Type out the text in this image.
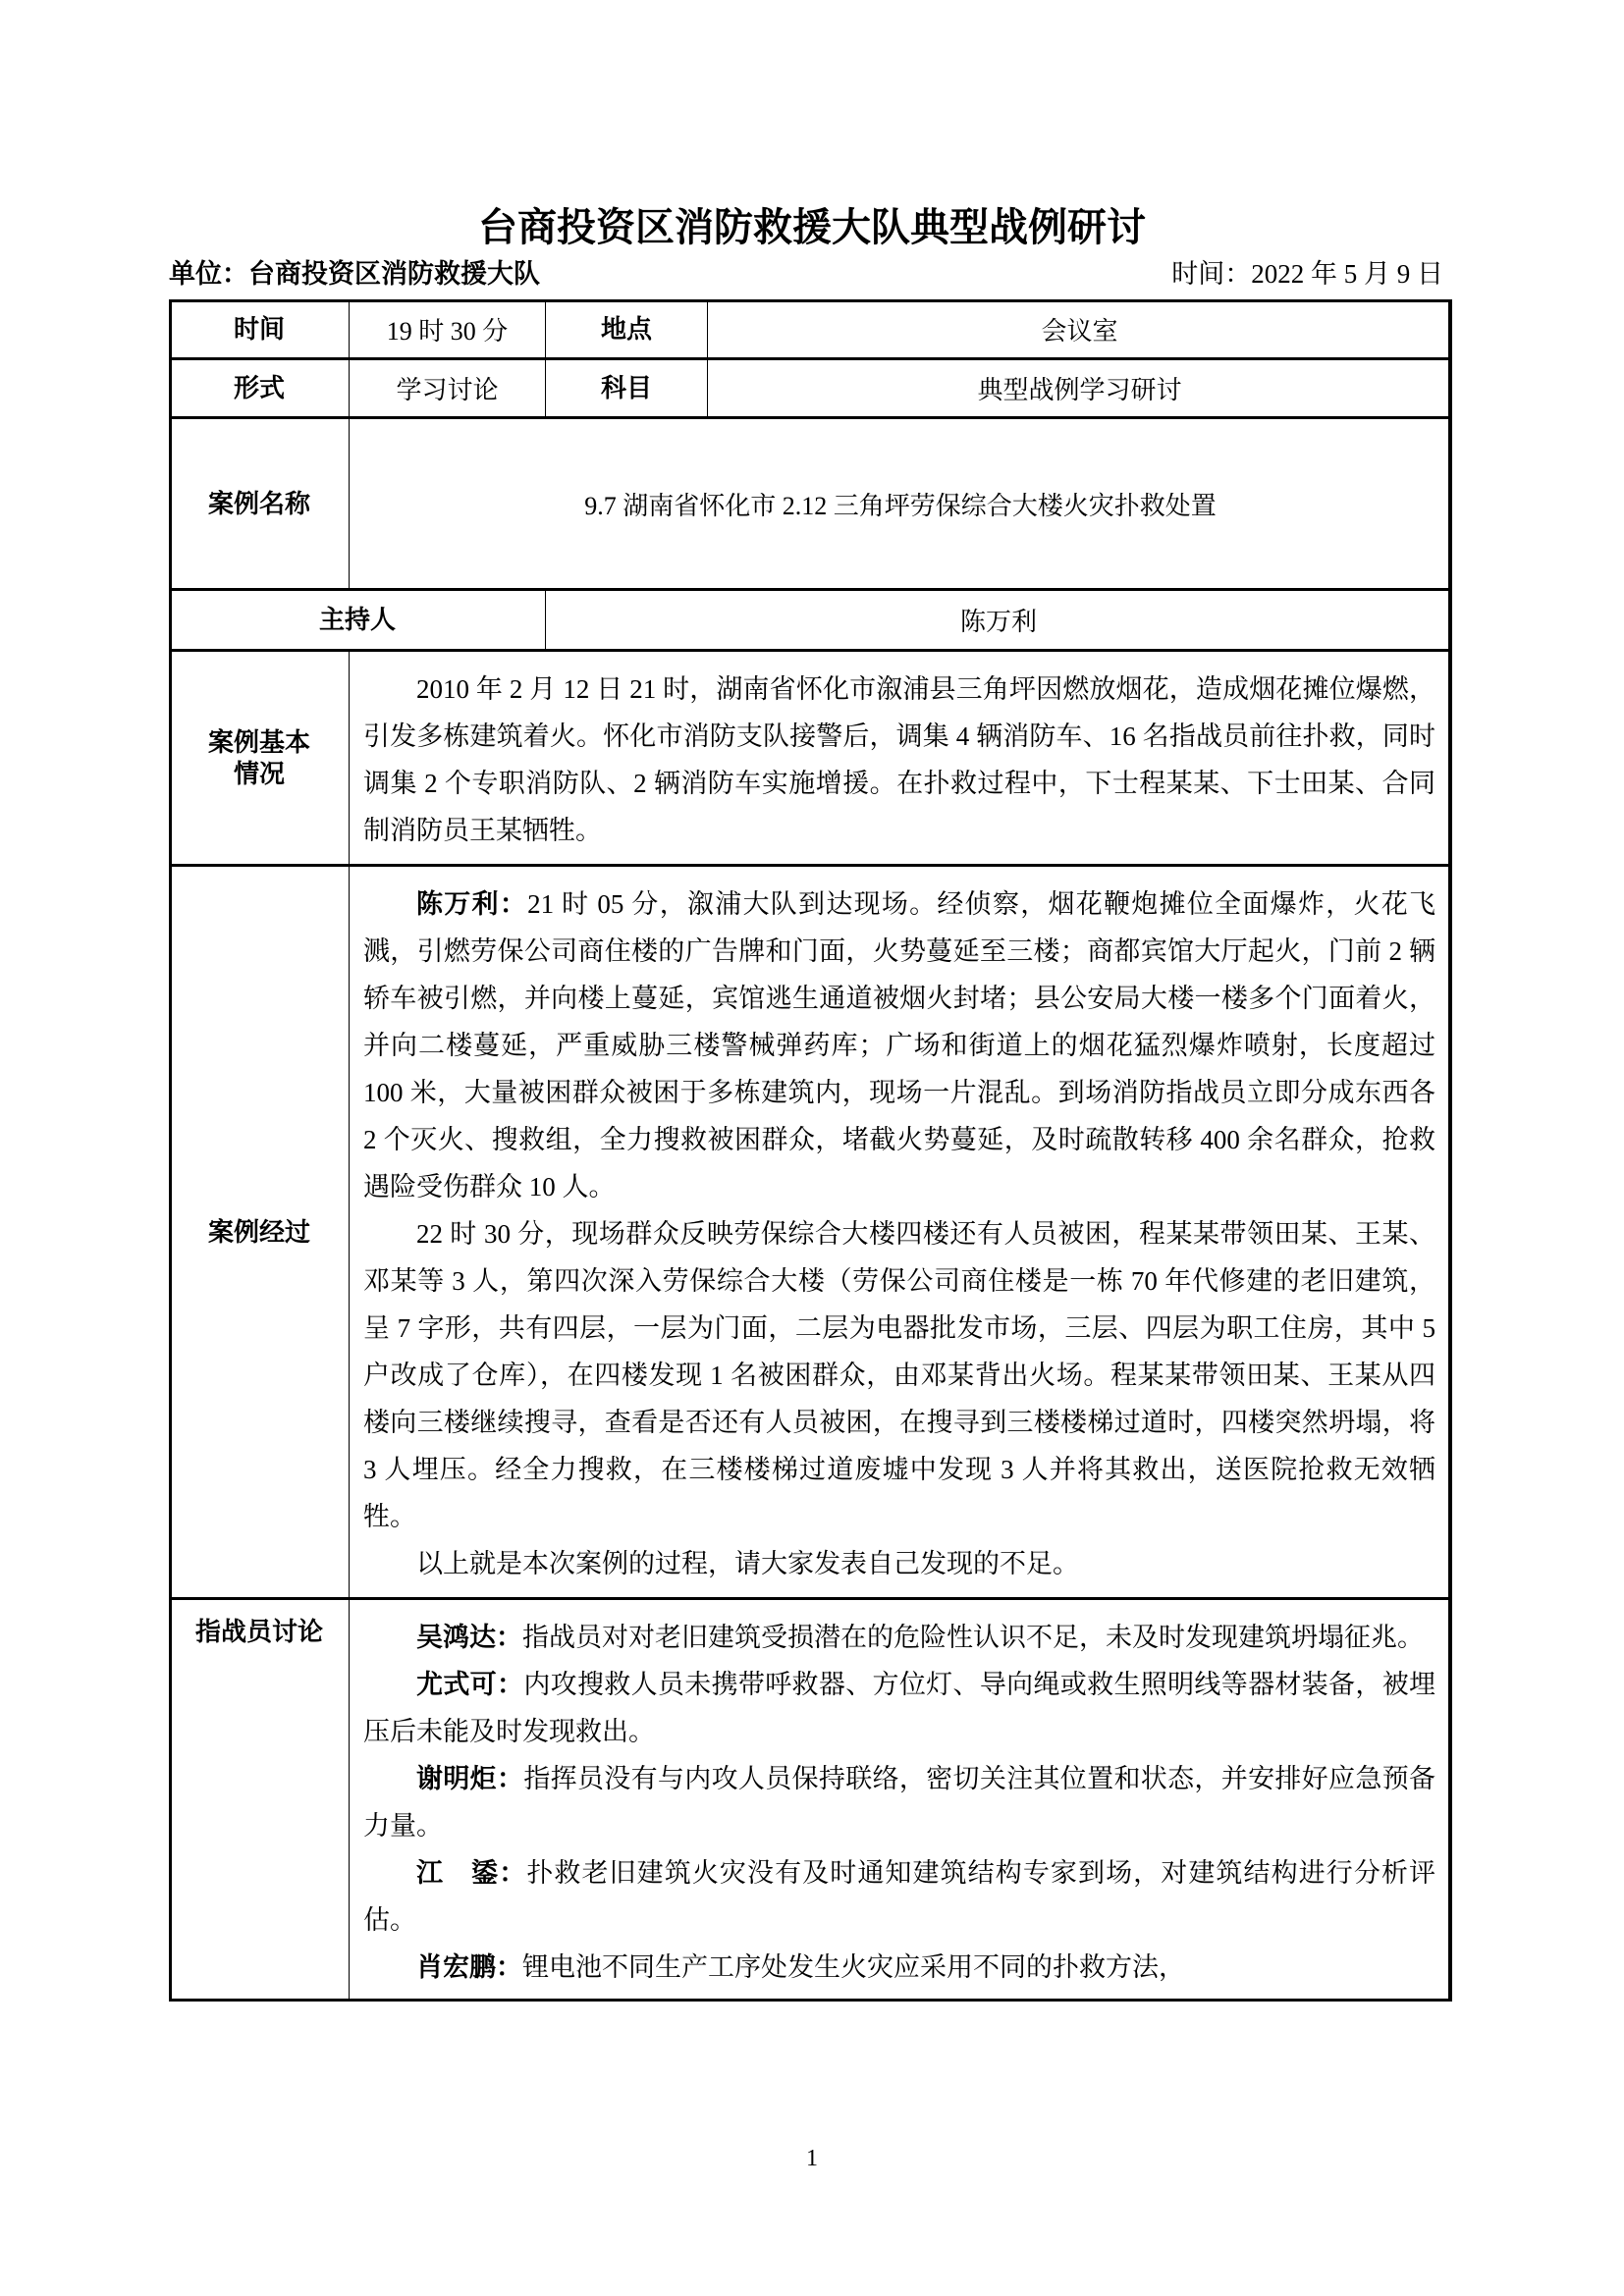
台商投资区消防救援大队典型战例研讨
单位：台商投资区消防救援大队	时间：2022 年 5 月 9 日
时间	19 时 30 分	地点	会议室
形式	学习讨论	科目	典型战例学习研讨
案例名称	9.7 湖南省怀化市 2.12 三角坪劳保综合大楼火灾扑救处置		
主持人		陈万利	

案例基本
情况	2010 年 2 月 12 日 21 时，湖南省怀化市溆浦县三角坪因燃放烟花，造成烟花摊位爆燃，引发多栋建筑着火。怀化市消防支队接警后，调集 4 辆消防车、16 名指战员前往扑救，同时调集 2 个专职消防队、2 辆消防车实施增援。在扑救过程中，下士程某某、下士田某、合同制消防员王某牺牲。		

案例经过	陈万利：21 时 05 分，溆浦大队到达现场。经侦察，烟花鞭炮摊位全面爆炸，火花飞溅，引燃劳保公司商住楼的广告牌和门面，火势蔓延至三楼；商都宾馆大厅起火，门前 2 辆轿车被引燃，并向楼上蔓延，宾馆逃生通道被烟火封堵；县公安局大楼一楼多个门面着火，并向二楼蔓延，严重威胁三楼警械弹药库；广场和街道上的烟花猛烈爆炸喷射，长度超过 100 米，大量被困群众被困于多栋建筑内，现场一片混乱。到场消防指战员立即分成东西各 2 个灭火、搜救组，全力搜救被困群众，堵截火势蔓延，及时疏散转移 400 余名群众，抢救遇险受伤群众 10 人。

22 时 30 分，现场群众反映劳保综合大楼四楼还有人员被困，程某某带领田某、王某、邓某等 3 人，第四次深入劳保综合大楼（劳保公司商住楼是一栋 70 年代修建的老旧建筑，呈 7 字形，共有四层，一层为门面，二层为电器批发市场，三层、四层为职工住房，其中 5 户改成了仓库），在四楼发现 1 名被困群众，由邓某背出火场。程某某带领田某、王某从四楼向三楼继续搜寻，查看是否还有人员被困，在搜寻到三楼楼梯过道时，四楼突然坍塌，将 3 人埋压。经全力搜救，在三楼楼梯过道废墟中发现 3 人并将其救出，送医院抢救无效牺牲。

以上就是本次案例的过程，请大家发表自己发现的不足。		

指战员讨论	吴鸿达：指战员对对老旧建筑受损潜在的危险性认识不足，未及时发现建筑坍塌征兆。

尤式可：内攻搜救人员未携带呼救器、方位灯、导向绳或救生照明线等器材装备，被埋压后未能及时发现救出。

谢明炬：指挥员没有与内攻人员保持联络，密切关注其位置和状态，并安排好应急预备力量。

江　鋈：扑救老旧建筑火灾没有及时通知建筑结构专家到场，对建筑结构进行分析评估。

肖宏鹏：锂电池不同生产工序处发生火灾应采用不同的扑救方法，		

1
